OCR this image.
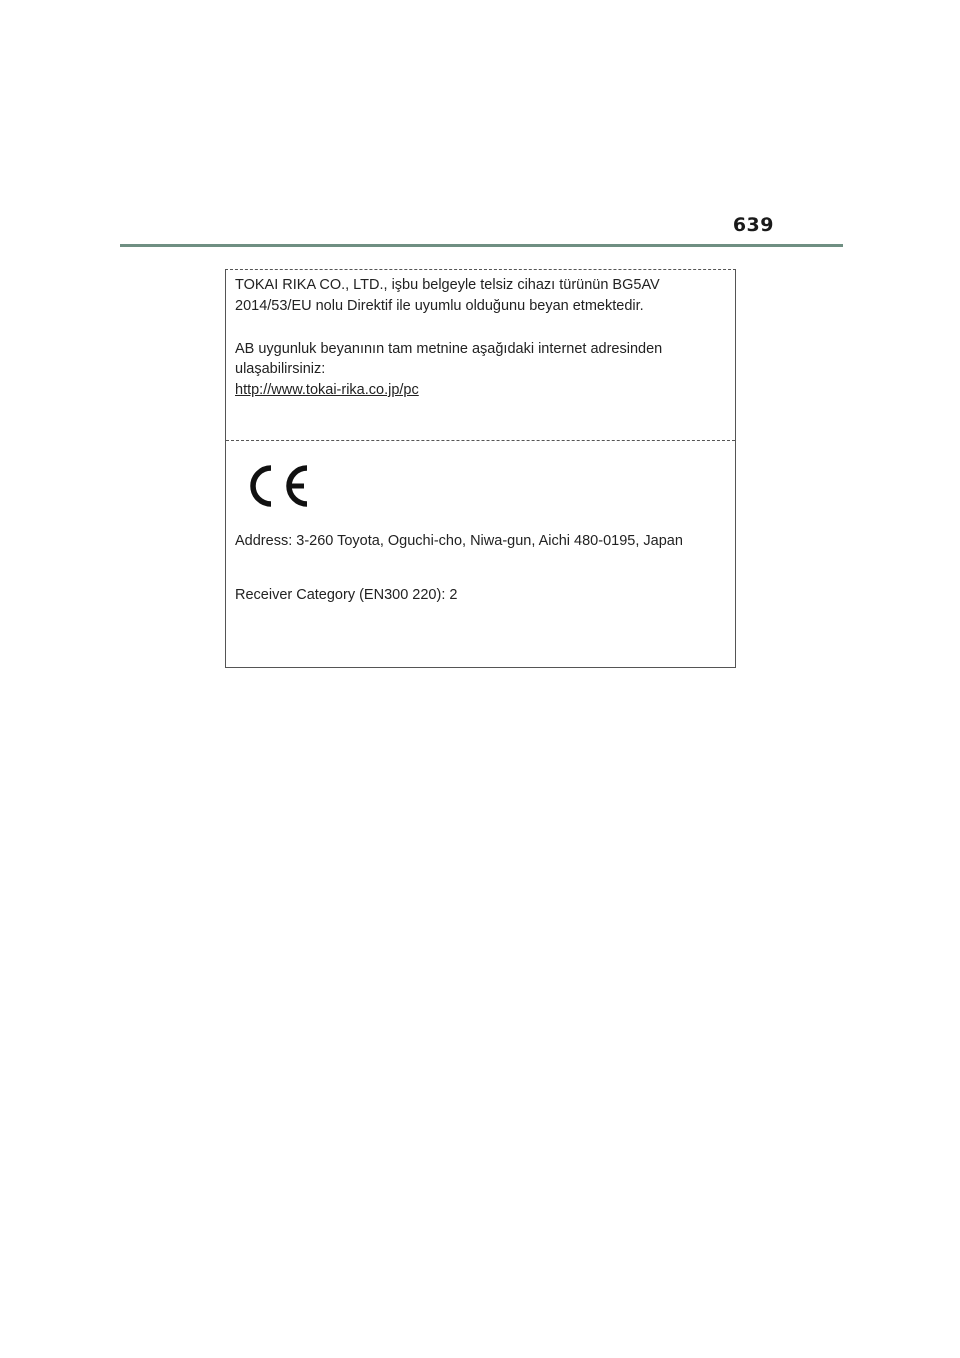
639
TOKAI RIKA CO., LTD., işbu belgeyle telsiz cihazı türünün BG5AV
2014/53/EU nolu Direktif ile uyumlu olduğunu beyan etmektedir.
AB uygunluk beyanının tam metnine aşağıdaki internet adresinden
ulaşabilirsiniz:
http://www.tokai-rika.co.jp/pc
Address: 3-260 Toyota, Oguchi-cho, Niwa-gun, Aichi 480-0195, Japan
Receiver Category (EN300 220): 2
